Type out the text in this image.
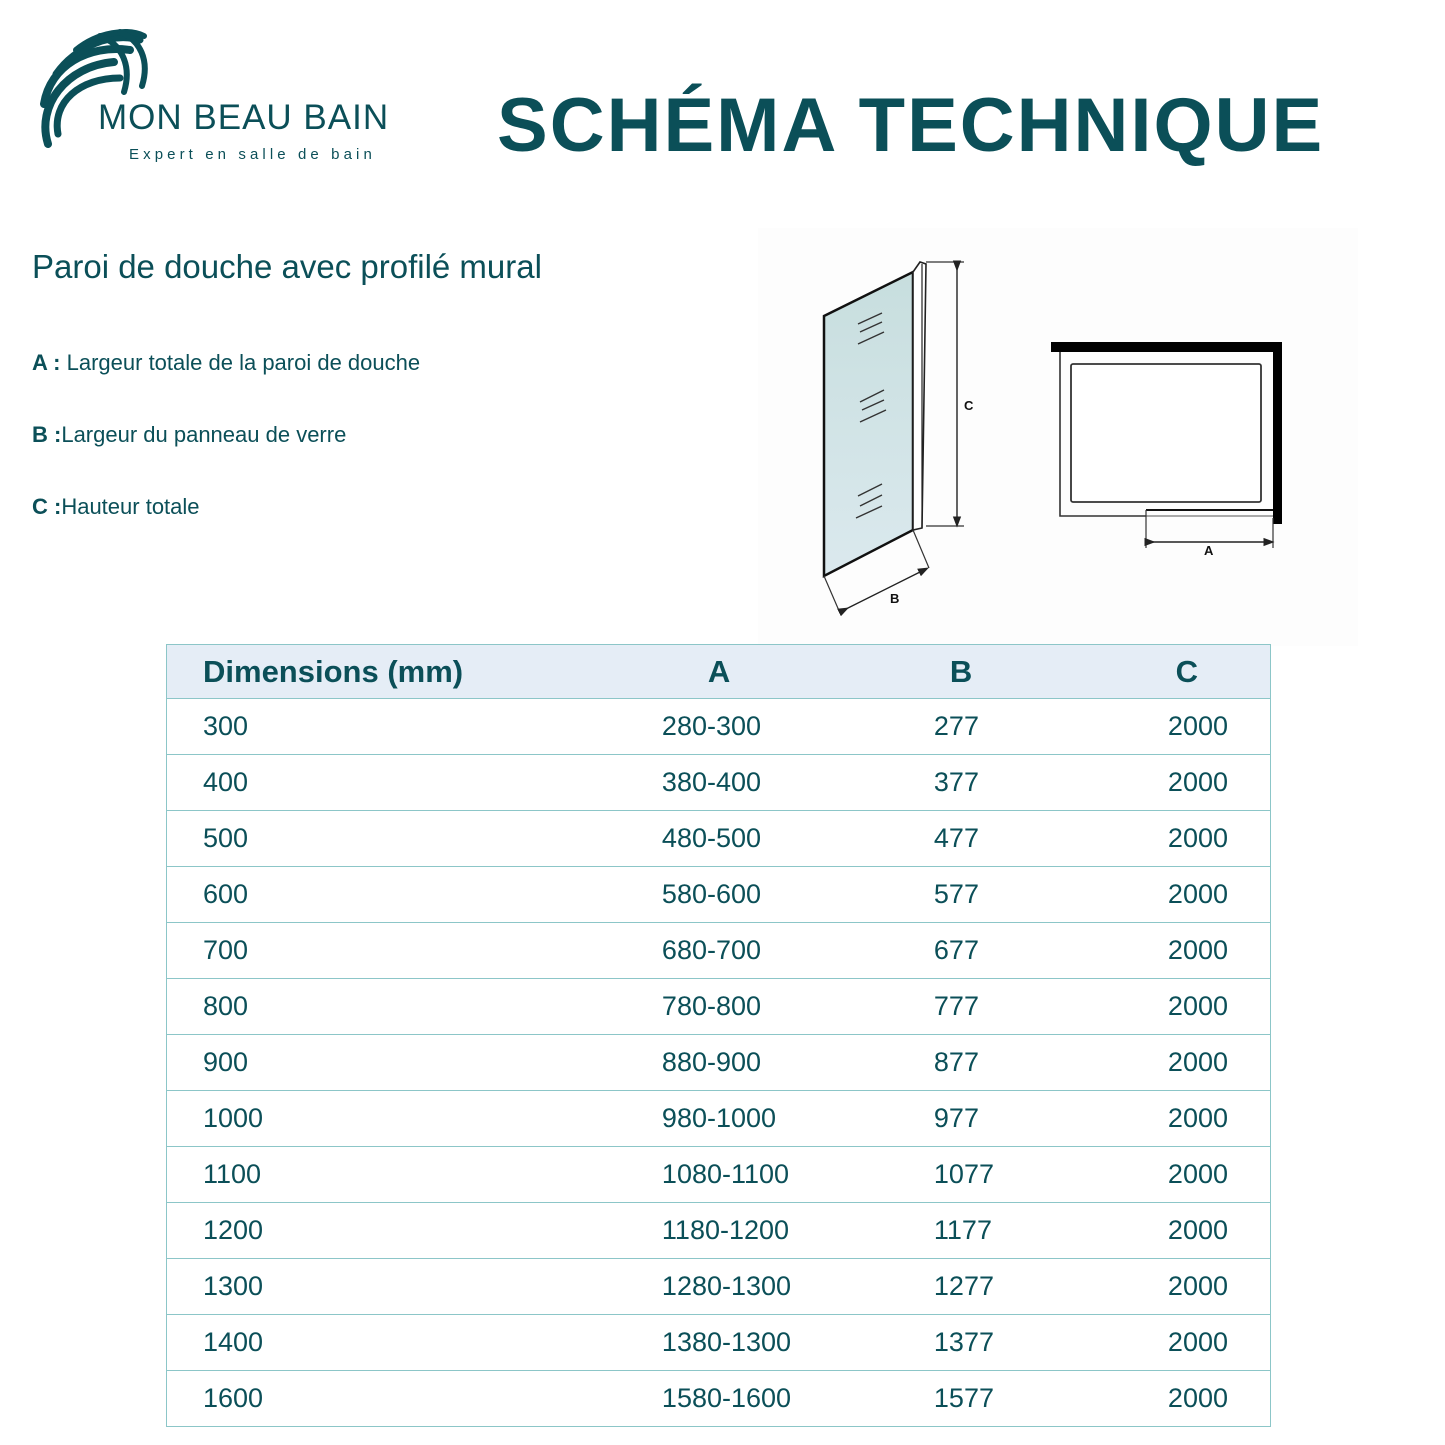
MON BEAU BAIN
Expert en salle de bain SCHÉMA TECHNIQUE
Paroi de douche avec profilé mural
A : Largeur totale de la paroi de douche
B :Largeur du panneau de verre
C :Hauteur totale
C
B
A
Dimensions (mm)	A	B	C
300	280-300	277	2000
400	380-400	377	2000
500	480-500	477	2000
600	580-600	577	2000
700	680-700	677	2000
800	780-800	777	2000
900	880-900	877	2000
1000	980-1000	977	2000
1100	1080-1100	1077	2000
1200	1180-1200	1177	2000
1300	1280-1300	1277	2000
1400	1380-1300	1377	2000
1600	1580-1600	1577	2000
